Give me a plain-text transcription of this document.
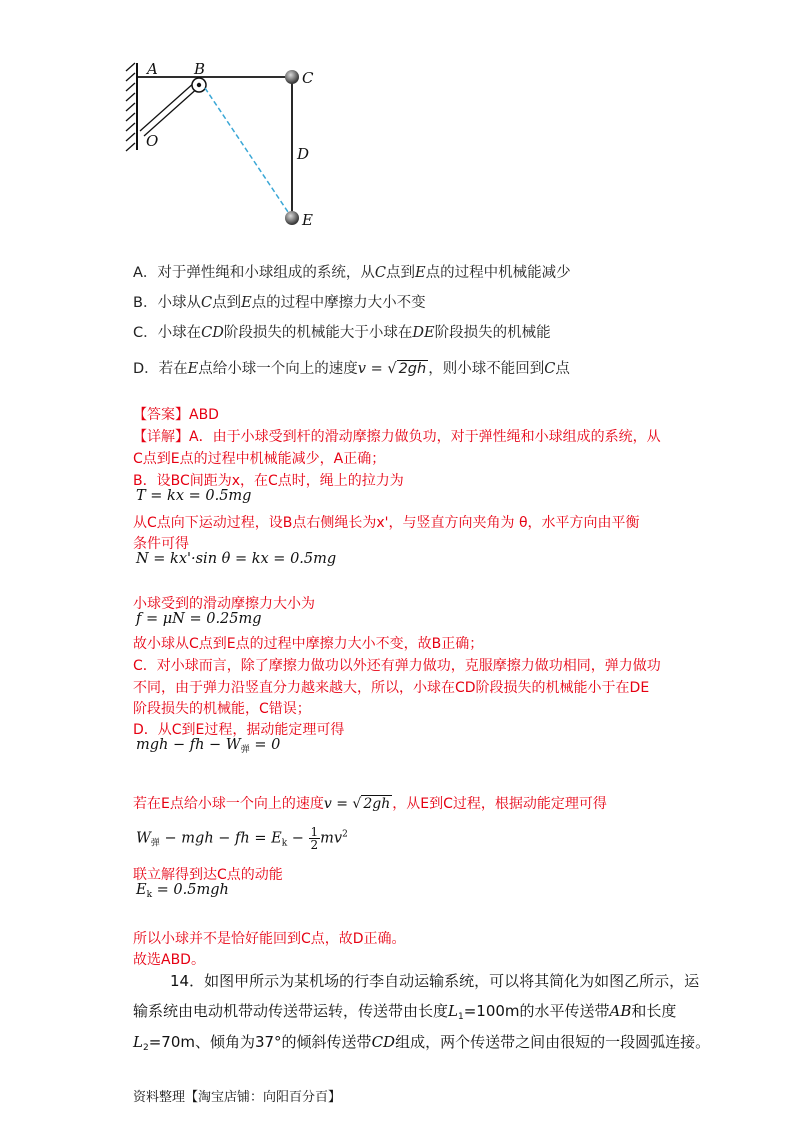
A B	C
D
E
O
A．对于弹性绳和小球组成的系统，从C点到E点的过程中机械能减少
B．小球从C点到E点的过程中摩擦力大小不变
C．小球在CD阶段损失的机械能大于小球在DE阶段损失的机械能
D．若在E点给小球一个向上的速度v = √ 2gh ，则小球不能回到C点
【答案】ABD
【详解】A．由于小球受到杆的滑动摩擦力做负功，对于弹性绳和小球组成的系统，从
C点到E点的过程中机械能减少，A正确；
B．设BC间距为x，在C点时，绳上的拉力为
T = kx = 0.5mg
从C点向下运动过程，设B点右侧绳长为x'，与竖直方向夹角为 θ，水平方向由平衡
条件可得
N = kx'·sin θ = kx = 0.5mg
小球受到的滑动摩擦力大小为
f = μN = 0.25mg
故小球从C点到E点的过程中摩擦力大小不变，故B正确；
C．对小球而言，除了摩擦力做功以外还有弹力做功，克服摩擦力做功相同，弹力做功
不同，由于弹力沿竖直分力越来越大，所以，小球在CD阶段损失的机械能小于在DE
阶段损失的机械能，C错误；
D．从C到E过程，据动能定理可得
mgh − fh − $W_弹 = 0$
若在E点给小球一个向上的速度v = √ 2gh ，从E到C过程，根据动能定理可得
$W_弹$ − mgh − fh = $E_k - \frac{1}{2} mv^2$
联立解得到达C点的动能
$E_k = 0.5mgh$
所以小球并不是恰好能回到C点，故D正确。
故选ABD。
14．如图甲所示为某机场的行李自动运输系统，可以将其简化为如图乙所示，运
输系统由电动机带动传送带运转，传送带由长度$L_1=100m$的水平传送带AB和长度
$L_2=70m$、倾角为37°的倾斜传送带CD组成，两个传送带之间由很短的一段圆弧连接。
资料整理【淘宝店铺：向阳百分百】
